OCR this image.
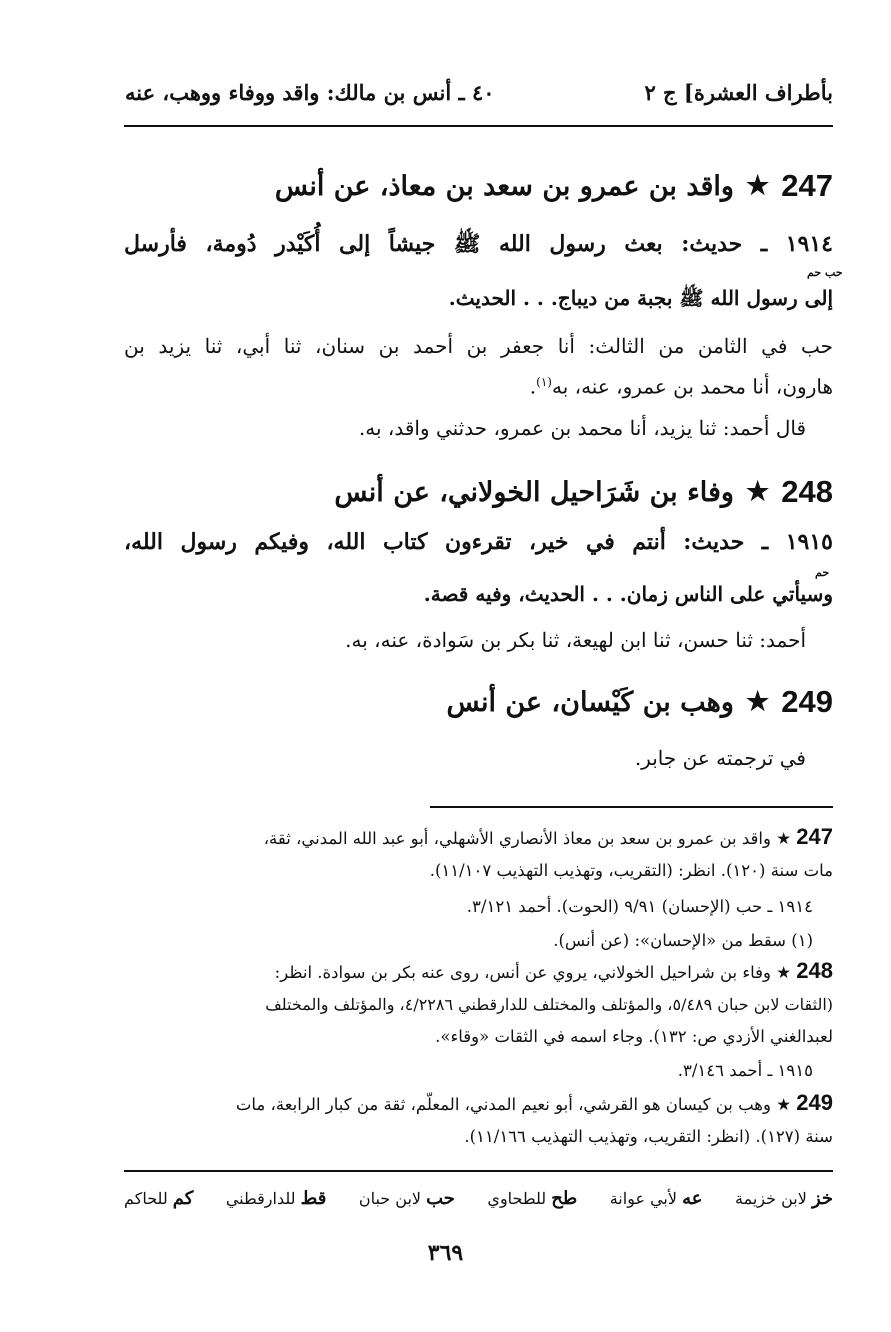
بأطراف العشرة] ج ٢
٤٠ ـ أنس بن مالك: واقد ووفاء ووهب، عنه
247
★
واقد بن عمرو بن سعد بن معاذ، عن أنس
١٩١٤ ـ حديث: بعث رسول الله ﷺ جيشاً إلى أُكَيْدر دُومة، فأرسل
حب حم
إلى رسول الله ﷺ بجبة من ديباج. . . الحديث.
حب في الثامن من الثالث: أنا جعفر بن أحمد بن سنان، ثنا أبي، ثنا يزيد بن
هارون، أنا محمد بن عمرو، عنه، به$^{(١)}$.
قال أحمد: ثنا يزيد، أنا محمد بن عمرو، حدثني واقد، به.
248
★
وفاء بن شَرَاحيل الخولاني، عن أنس
١٩١٥ ـ حديث: أنتم في خير، تقرءون كتاب الله، وفيكم رسول الله،
حم
وسيأتي على الناس زمان. . . الحديث، وفيه قصة.
أحمد: ثنا حسن، ثنا ابن لهيعة، ثنا بكر بن سَوادة، عنه، به.
249
★
وهب بن كَيْسان، عن أنس
في ترجمته عن جابر.
247 ★ واقد بن عمرو بن سعد بن معاذ الأنصاري الأشهلي، أبو عبد الله المدني، ثقة،
مات سنة (١٢٠). انظر: (التقريب، وتهذيب التهذيب ١١/١٠٧).
١٩١٤ ـ حب (الإحسان) ٩/٩١ (الحوت). أحمد ٣/١٢١.
(١) سقط من «الإحسان»: (عن أنس).
248 ★ وفاء بن شراحيل الخولاني، يروي عن أنس، روى عنه بكر بن سوادة. انظر:
(الثقات لابن حبان ٥/٤٨٩، والمؤتلف والمختلف للدارقطني ٤/٢٢٨٦، والمؤتلف والمختلف
لعبدالغني الأزدي ص: ١٣٢). وجاء اسمه في الثقات «وقاء».
١٩١٥ ـ أحمد ٣/١٤٦.
249 ★ وهب بن كيسان هو القرشي، أبو نعيم المدني، المعلّم، ثقة من كبار الرابعة، مات
سنة (١٢٧). (انظر: التقريب، وتهذيب التهذيب ١١/١٦٦).
خز لابن خزيمة
عه لأبي عوانة
طح للطحاوي
حب لابن حبان
قط للدارقطني
كم للحاكم
٣٦٩
